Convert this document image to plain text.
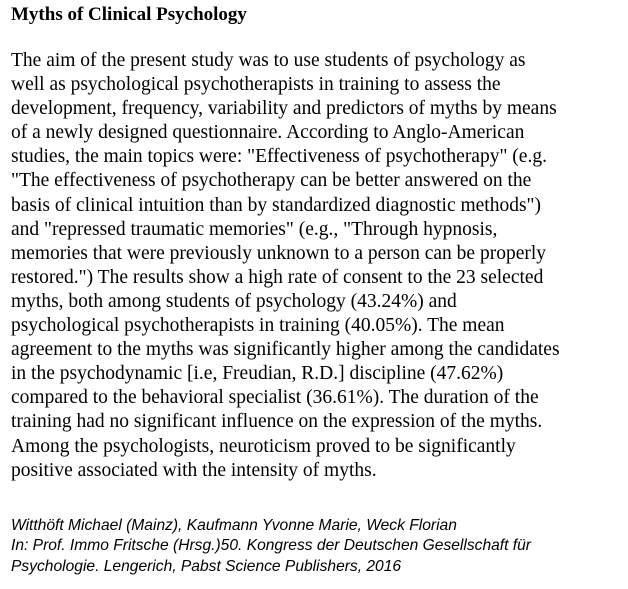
Myths of Clinical Psychology
The aim of the present study was to use students of psychology as
well as psychological psychotherapists in training to assess the
development, frequency, variability and predictors of myths by means
of a newly designed questionnaire. According to Anglo-American
studies, the main topics were: "Effectiveness of psychotherapy" (e.g.
"The effectiveness of psychotherapy can be better answered on the
basis of clinical intuition than by standardized diagnostic methods")
and "repressed traumatic memories" (e.g., "Through hypnosis,
memories that were previously unknown to a person can be properly
restored.") The results show a high rate of consent to the 23 selected
myths, both among students of psychology (43.24%) and
psychological psychotherapists in training (40.05%). The mean
agreement to the myths was significantly higher among the candidates
in the psychodynamic [i.e, Freudian, R.D.] discipline (47.62%)
compared to the behavioral specialist (36.61%). The duration of the
training had no significant influence on the expression of the myths.
Among the psychologists, neuroticism proved to be significantly
positive associated with the intensity of myths.
Witthöft Michael (Mainz), Kaufmann Yvonne Marie, Weck Florian
In: Prof. Immo Fritsche (Hrsg.)50. Kongress der Deutschen Gesellschaft für
Psychologie. Lengerich, Pabst Science Publishers, 2016
